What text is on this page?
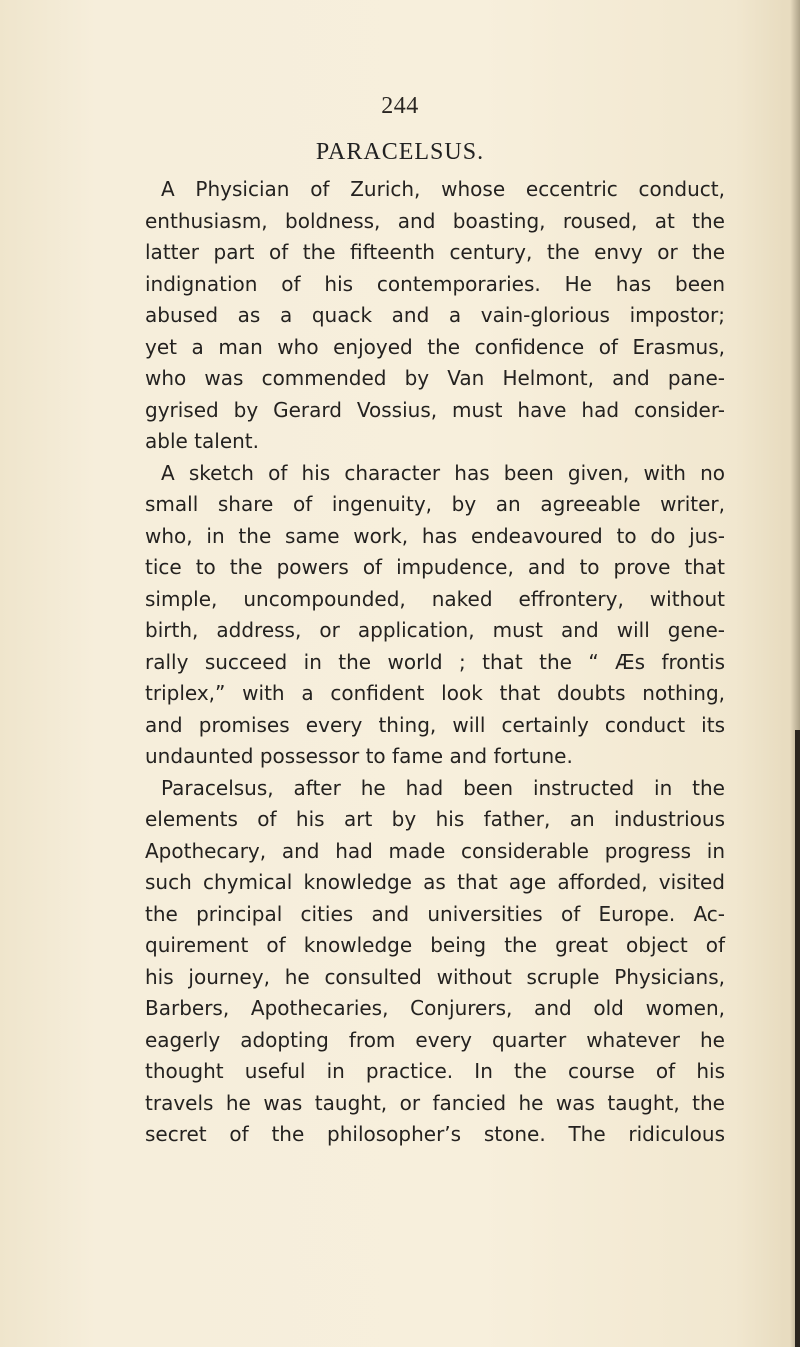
244
PARACELSUS.
A Physician of Zurich, whose eccentric conduct,
enthusiasm, boldness, and boasting, roused, at the
latter part of the fifteenth century, the envy or the
indignation of his contemporaries. He has been
abused as a quack and a vain-glorious impostor;
yet a man who enjoyed the confidence of Erasmus,
who was commended by Van Helmont, and pane-
gyrised by Gerard Vossius, must have had consider-
able talent.
A sketch of his character has been given, with no
small share of ingenuity, by an agreeable writer,
who, in the same work, has endeavoured to do jus-
tice to the powers of impudence, and to prove that
simple, uncompounded, naked effrontery, without
birth, address, or application, must and will gene-
rally succeed in the world ; that the “ Æs frontis
triplex,” with a confident look that doubts nothing,
and promises every thing, will certainly conduct its
undaunted possessor to fame and fortune.
Paracelsus, after he had been instructed in the
elements of his art by his father, an industrious
Apothecary, and had made considerable progress in
such chymical knowledge as that age afforded, visited
the principal cities and universities of Europe. Ac-
quirement of knowledge being the great object of
his journey, he consulted without scruple Physicians,
Barbers, Apothecaries, Conjurers, and old women,
eagerly adopting from every quarter whatever he
thought useful in practice. In the course of his
travels he was taught, or fancied he was taught, the
secret of the philosopher’s stone. The ridiculous
